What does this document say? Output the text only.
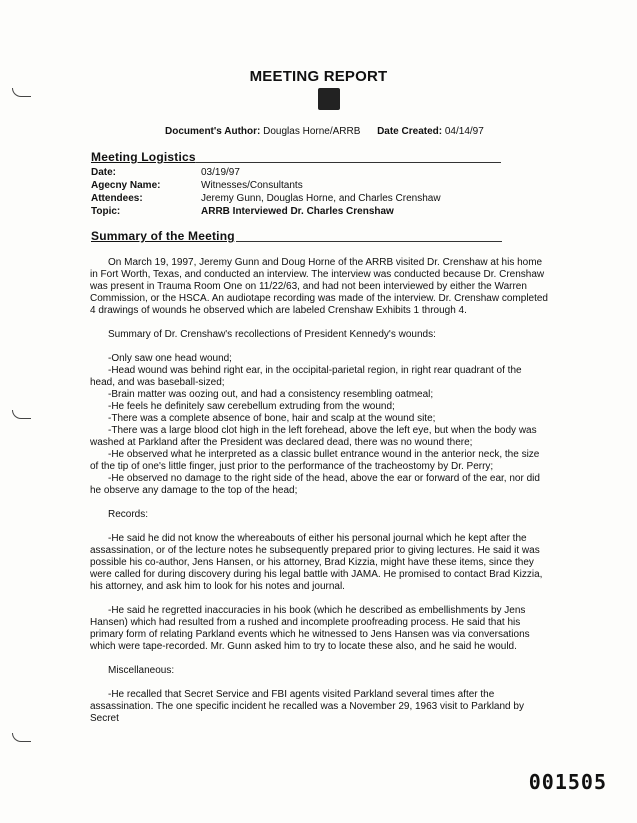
MEETING REPORT
Document's Author: Douglas Horne/ARRB Date Created: 04/14/97
Meeting Logistics
Date:	03/19/97
Agecny Name:	Witnesses/Consultants
Attendees:	Jeremy Gunn, Douglas Horne, and Charles Crenshaw
Topic:	ARRB Interviewed Dr. Charles Crenshaw
Summary of the Meeting

On March 19, 1997, Jeremy Gunn and Doug Horne of the ARRB visited Dr. Crenshaw at his home in Fort Worth, Texas, and conducted an interview. The interview was conducted because Dr. Crenshaw was present in Trauma Room One on 11/22/63, and had not been interviewed by either the Warren Commission, or the HSCA. An audiotape recording was made of the interview. Dr. Crenshaw completed 4 drawings of wounds he observed which are labeled Crenshaw Exhibits 1 through 4.

Summary of Dr. Crenshaw's recollections of President Kennedy's wounds:

-Only saw one head wound;

-Head wound was behind right ear, in the occipital-parietal region, in right rear quadrant of the head, and was baseball-sized;

-Brain matter was oozing out, and had a consistency resembling oatmeal;

-He feels he definitely saw cerebellum extruding from the wound;

-There was a complete absence of bone, hair and scalp at the wound site;

-There was a large blood clot high in the left forehead, above the left eye, but when the body was washed at Parkland after the President was declared dead, there was no wound there;

-He observed what he interpreted as a classic bullet entrance wound in the anterior neck, the size of the tip of one's little finger, just prior to the performance of the tracheostomy by Dr. Perry;

-He observed no damage to the right side of the head, above the ear or forward of the ear, nor did he observe any damage to the top of the head;

Records:

-He said he did not know the whereabouts of either his personal journal which he kept after the assassination, or of the lecture notes he subsequently prepared prior to giving lectures. He said it was possible his co-author, Jens Hansen, or his attorney, Brad Kizzia, might have these items, since they were called for during discovery during his legal battle with JAMA. He promised to contact Brad Kizzia, his attorney, and ask him to look for his notes and journal.

-He said he regretted inaccuracies in his book (which he described as embellishments by Jens Hansen) which had resulted from a rushed and incomplete proofreading process. He said that his primary form of relating Parkland events which he witnessed to Jens Hansen was via conversations which were tape-recorded. Mr. Gunn asked him to try to locate these also, and he said he would.

Miscellaneous:

-He recalled that Secret Service and FBI agents visited Parkland several times after the assassination. The one specific incident he recalled was a November 29, 1963 visit to Parkland by Secret

001505
